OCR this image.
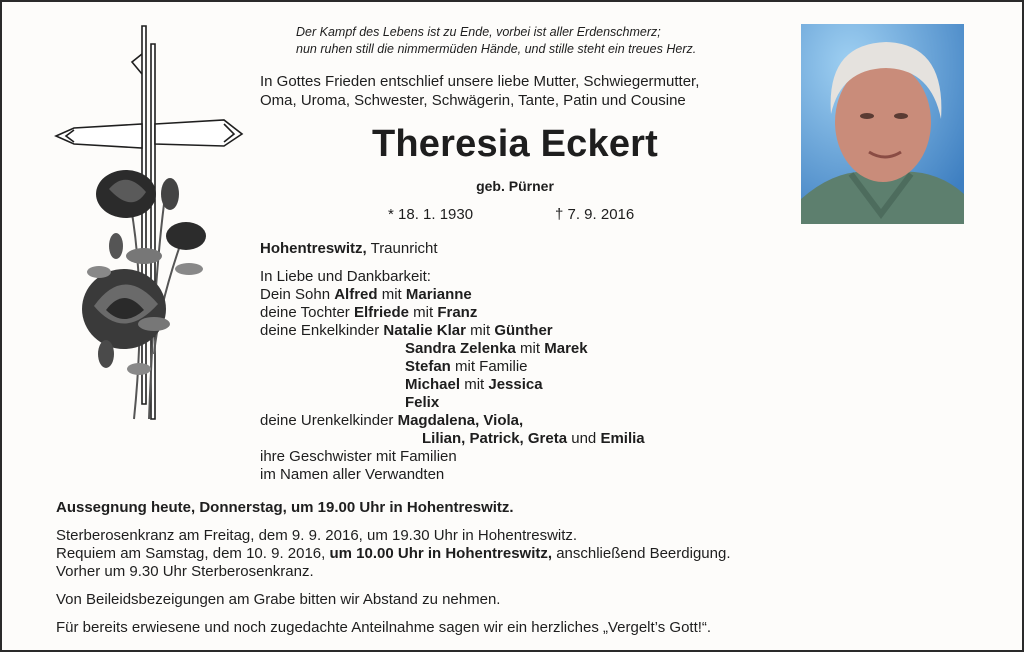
Der Kampf des Lebens ist zu Ende, vorbei ist aller Erdenschmerz;
nun ruhen still die nimmermüden Hände, und stille steht ein treues Herz.
In Gottes Frieden entschlief unsere liebe Mutter, Schwiegermutter,
Oma, Uroma, Schwester, Schwägerin, Tante, Patin und Cousine
Theresia Eckert
geb. Pürner
* 18. 1. 1930	† 7. 9. 2016
Hohentreswitz, Traunricht
In Liebe und Dankbarkeit:
Dein Sohn Alfred mit Marianne
deine Tochter Elfriede mit Franz
deine Enkelkinder Natalie Klar mit Günther
Sandra Zelenka mit Marek
Stefan mit Familie
Michael mit Jessica
Felix
deine Urenkelkinder Magdalena, Viola,
Lilian, Patrick, Greta und Emilia
ihre Geschwister mit Familien
im Namen aller Verwandten

Aussegnung heute, Donnerstag, um 19.00 Uhr in Hohentreswitz.

Sterberosenkranz am Freitag, dem 9. 9. 2016, um 19.30 Uhr in Hohentreswitz.

Requiem am Samstag, dem 10. 9. 2016, um 10.00 Uhr in Hohentreswitz, anschließend Beerdigung.

Vorher um 9.30 Uhr Sterberosenkranz.

Von Beileidsbezeigungen am Grabe bitten wir Abstand zu nehmen.

Für bereits erwiesene und noch zugedachte Anteilnahme sagen wir ein herzliches „Vergelt’s Gott!“.
